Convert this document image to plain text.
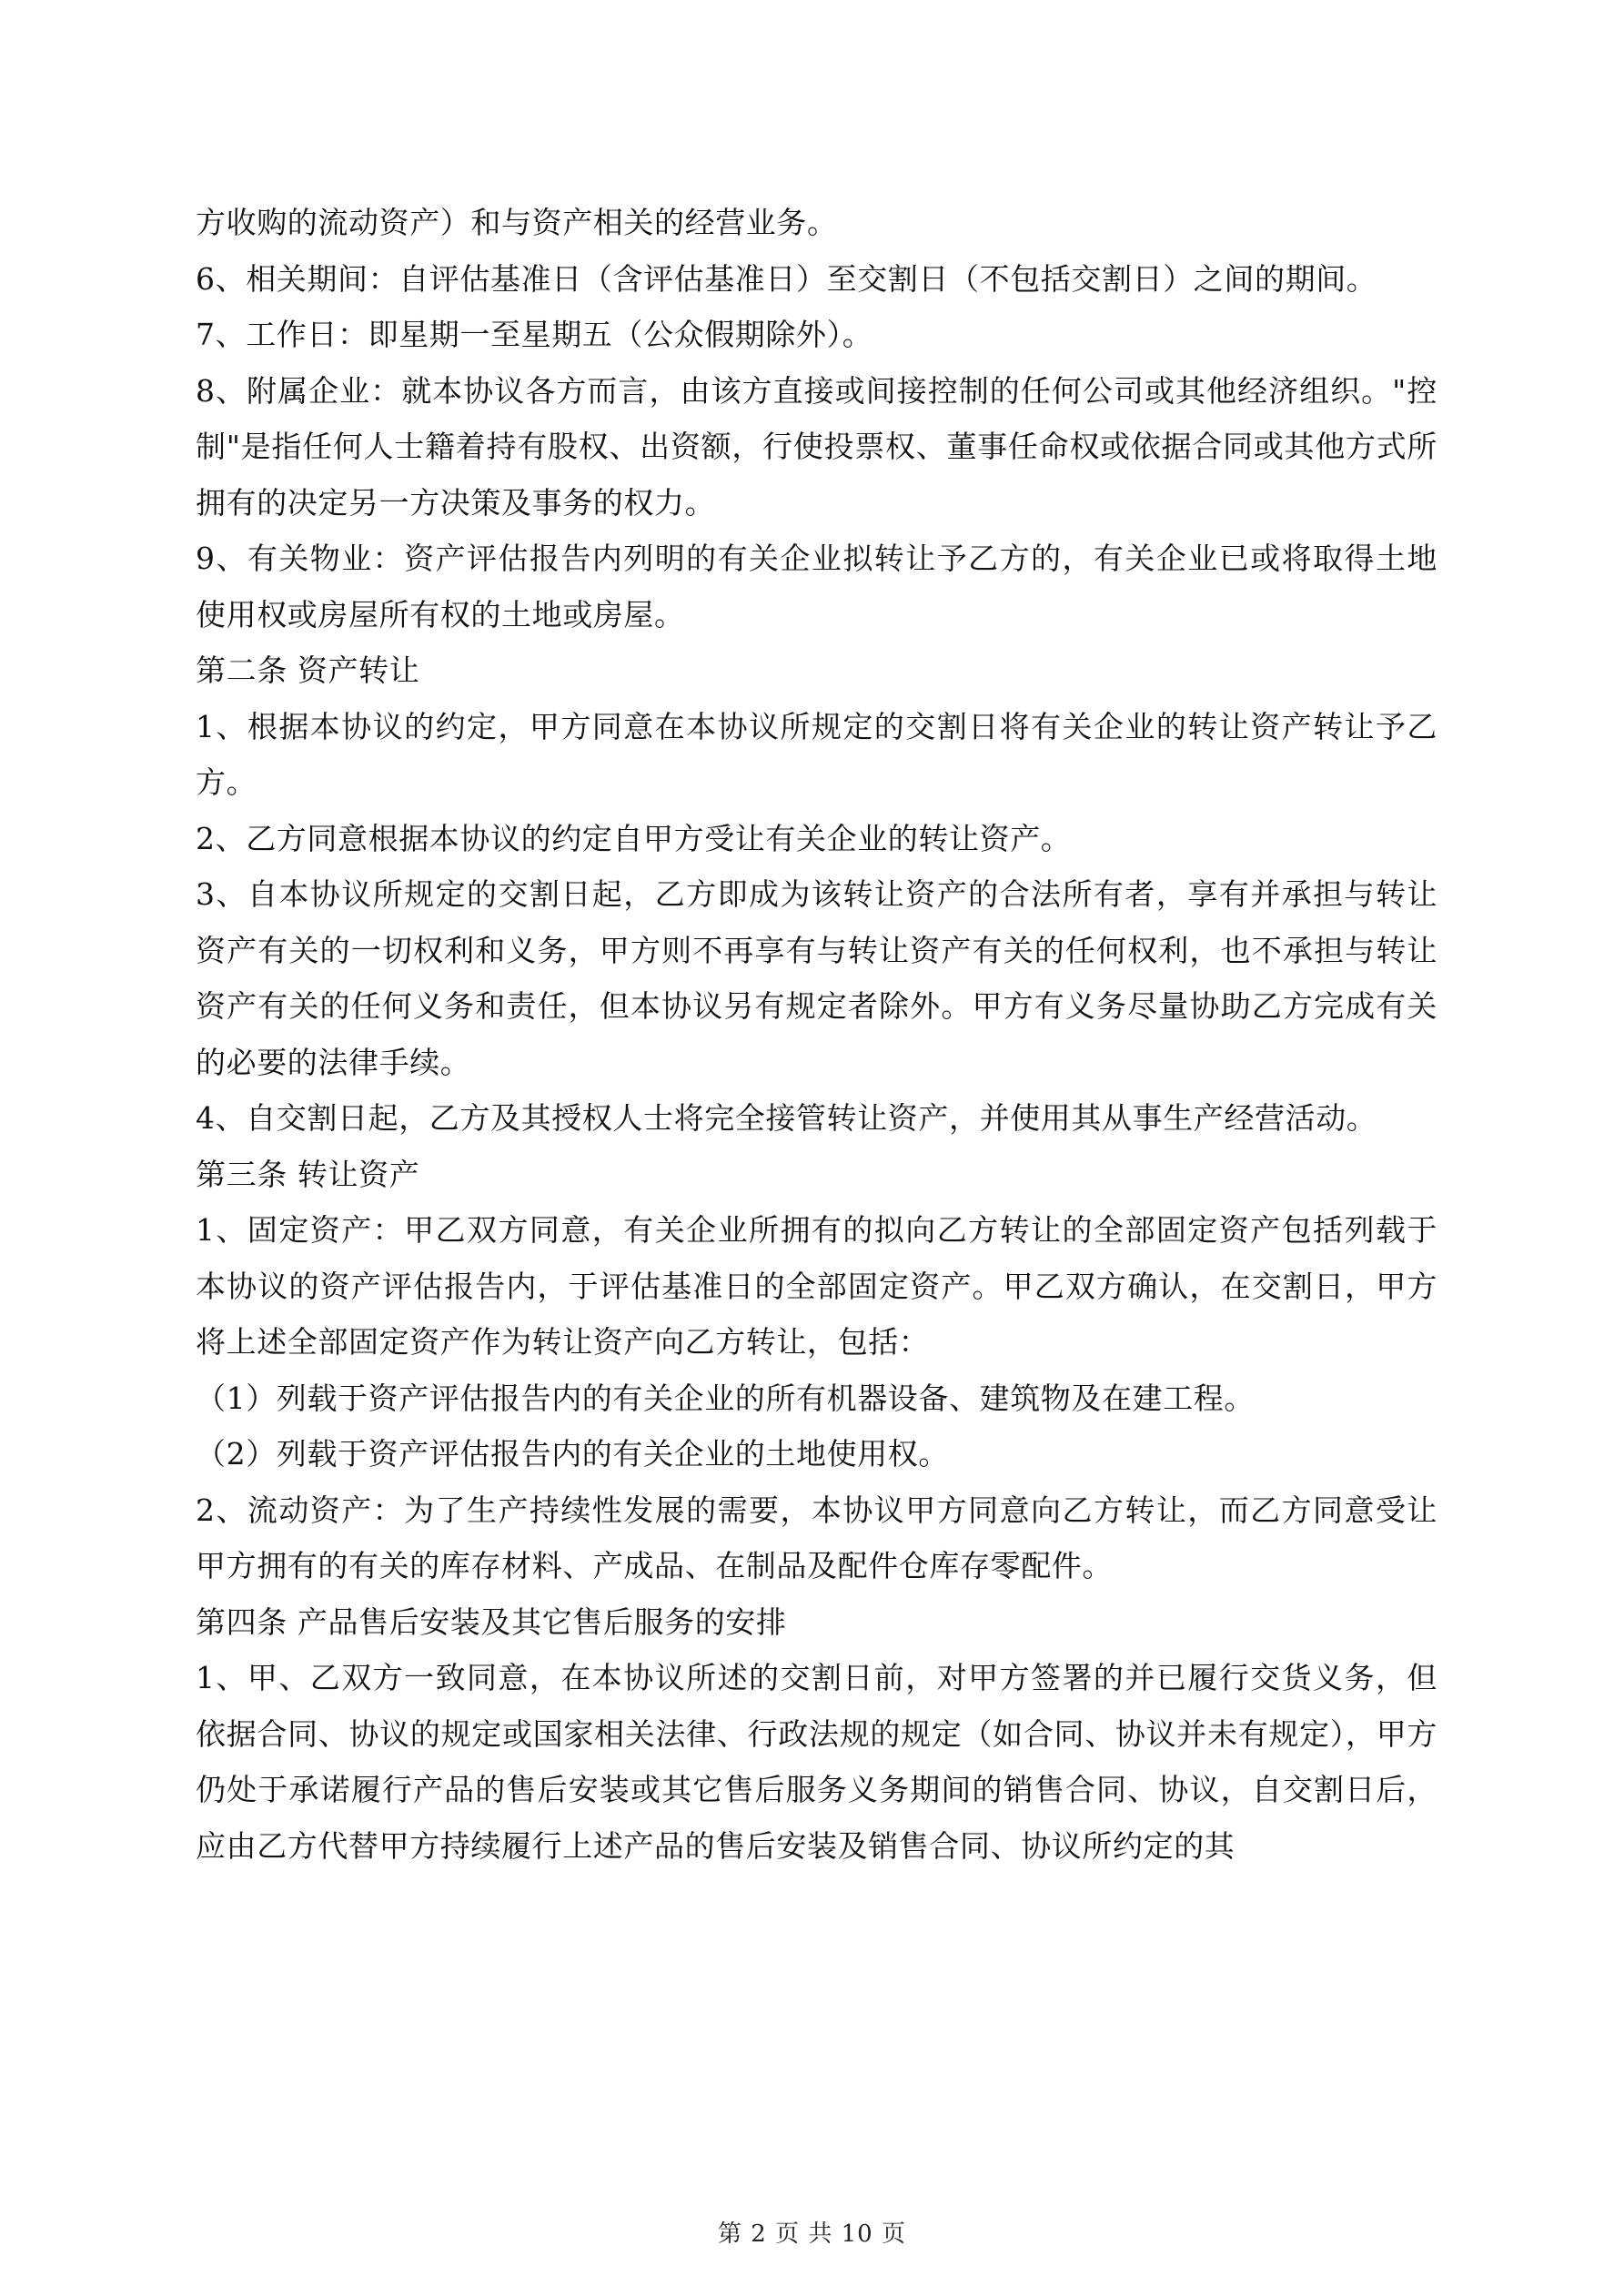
方收购的流动资产）和与资产相关的经营业务。

6、相关期间：自评估基准日（含评估基准日）至交割日（不包括交割日）之间的期间。

7、工作日：即星期一至星期五（公众假期除外）。

8、附属企业：就本协议各方而言，由该方直接或间接控制的任何公司或其他经济组织。"控制"是指任何人士籍着持有股权、出资额，行使投票权、董事任命权或依据合同或其他方式所拥有的决定另一方决策及事务的权力。

9、有关物业：资产评估报告内列明的有关企业拟转让予乙方的，有关企业已或将取得土地使用权或房屋所有权的土地或房屋。

第二条 资产转让

1、根据本协议的约定，甲方同意在本协议所规定的交割日将有关企业的转让资产转让予乙方。

2、乙方同意根据本协议的约定自甲方受让有关企业的转让资产。

3、自本协议所规定的交割日起，乙方即成为该转让资产的合法所有者，享有并承担与转让资产有关的一切权利和义务，甲方则不再享有与转让资产有关的任何权利，也不承担与转让资产有关的任何义务和责任，但本协议另有规定者除外。甲方有义务尽量协助乙方完成有关的必要的法律手续。

4、自交割日起，乙方及其授权人士将完全接管转让资产，并使用其从事生产经营活动。

第三条 转让资产

1、固定资产：甲乙双方同意，有关企业所拥有的拟向乙方转让的全部固定资产包括列载于本协议的资产评估报告内，于评估基准日的全部固定资产。甲乙双方确认，在交割日，甲方将上述全部固定资产作为转让资产向乙方转让，包括：

（1）列载于资产评估报告内的有关企业的所有机器设备、建筑物及在建工程。

（2）列载于资产评估报告内的有关企业的土地使用权。

2、流动资产：为了生产持续性发展的需要，本协议甲方同意向乙方转让，而乙方同意受让甲方拥有的有关的库存材料、产成品、在制品及配件仓库存零配件。

第四条 产品售后安装及其它售后服务的安排

1、甲、乙双方一致同意，在本协议所述的交割日前，对甲方签署的并已履行交货义务，但依据合同、协议的规定或国家相关法律、行政法规的规定（如合同、协议并未有规定），甲方仍处于承诺履行产品的售后安装或其它售后服务义务期间的销售合同、协议，自交割日后，应由乙方代替甲方持续履行上述产品的售后安装及销售合同、协议所约定的其

第 2 页 共 10 页
